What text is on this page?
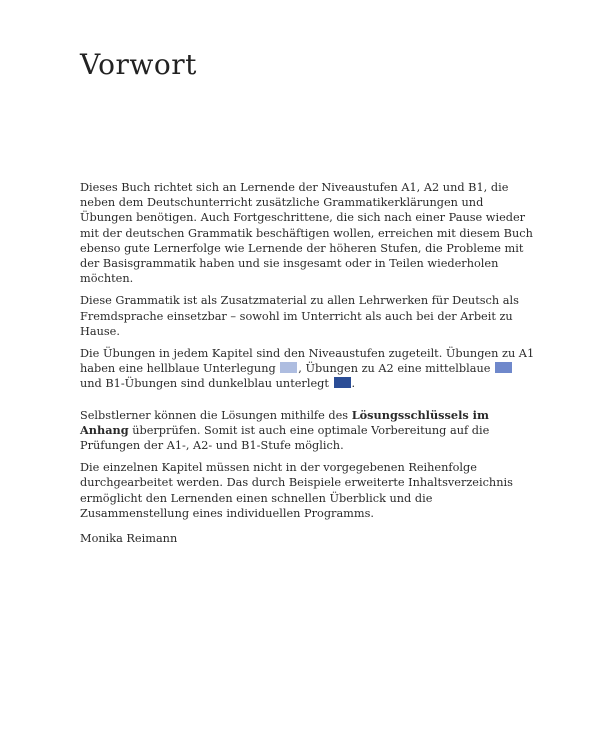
Vorwort

Dieses Buch richtet sich an Lernende der Niveaustufen A1, A2 und B1, die neben dem Deutschunterricht zusätzliche Grammatikerklärungen und Übungen benötigen. Auch Fortgeschrittene, die sich nach einer Pause wieder mit der deutschen Grammatik beschäftigen wollen, erreichen mit diesem Buch ebenso gute Lernerfolge wie Lernende der höheren Stufen, die Probleme mit der Basisgrammatik haben und sie insgesamt oder in Teilen wiederholen möchten.

Diese Grammatik ist als Zusatzmaterial zu allen Lehrwerken für Deutsch als Fremdsprache einsetzbar – sowohl im Unterricht als auch bei der Arbeit zu Hause.

Die Übungen in jedem Kapitel sind den Niveaustufen zugeteilt. Übungen zu A1 haben eine hellblaue Unterlegung , Übungen zu A2 eine mittelblaue  und B1-Übungen sind dunkelblau unterlegt .

Selbstlerner können die Lösungen mithilfe des Lösungsschlüssels im Anhang überprüfen. Somit ist auch eine optimale Vorbereitung auf die Prüfungen der A1-, A2- und B1-Stufe möglich.

Die einzelnen Kapitel müssen nicht in der vorgegebenen Reihenfolge durchgearbeitet werden. Das durch Beispiele erweiterte Inhaltsverzeichnis ermöglicht den Lernenden einen schnellen Überblick und die Zusammenstellung eines individuellen Programms.

Monika Reimann
